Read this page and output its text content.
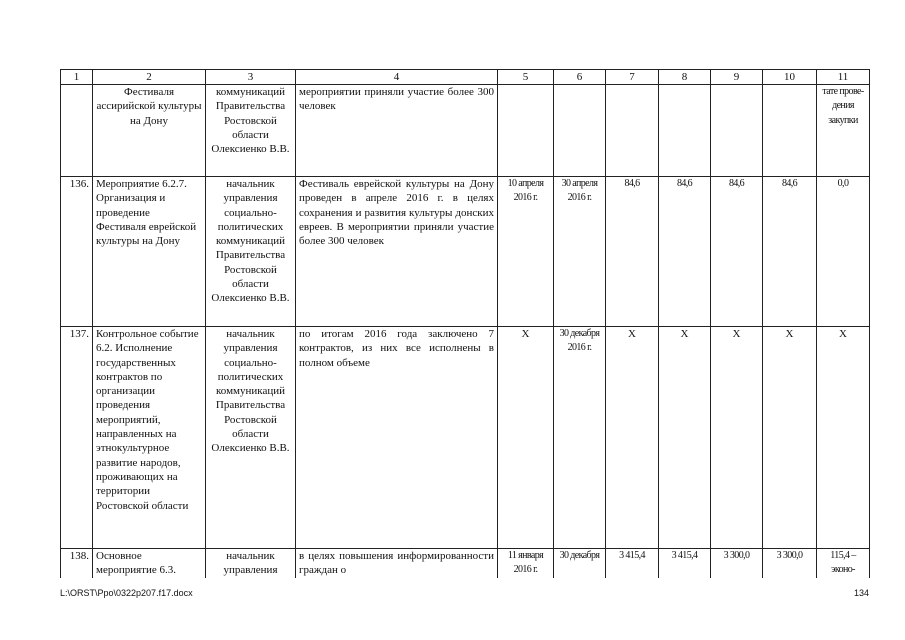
1	2	3	4	5	6	7	8	9	10	11
	Фестиваля ассирийской культуры на Дону	коммуникаций Правительства Ростовской области Олексиенко В.В.	мероприятии приняли участие более 300 человек							тате прове-дения закупки
136.	Мероприятие 6.2.7. Организация и проведение Фестиваля еврейской культуры на Дону	начальник управления социально-политических коммуникаций Правительства Ростовской области Олексиенко В.В.	Фестиваль еврейской культуры на Дону проведен в апреле 2016 г. в целях сохранения и развития культуры донских евреев. В мероприятии приняли участие более 300 человек	10 апреля 2016 г.	30 апреля 2016 г.	84,6	84,6	84,6	84,6	0,0
137.	Контрольное событие 6.2. Исполнение государственных контрактов по организации проведения мероприятий, направленных на этнокультурное развитие народов, проживающих на территории Ростовской области	начальник управления социально-политических коммуникаций Правительства Ростовской области Олексиенко В.В.	по итогам 2016 года заключено 7 контрактов, из них все исполнены в полном объеме	Х	30 декабря 2016 г.	Х	Х	Х	Х	Х
138.	Основное мероприятие 6.3.	начальник управления	в целях повышения информированности граждан о	11 января 2016 г.	30 декабря	3 415,4	3 415,4	3 300,0	3 300,0	115,4 – эконо-
L:\ORST\Ppo\0322p207.f17.docx	134
